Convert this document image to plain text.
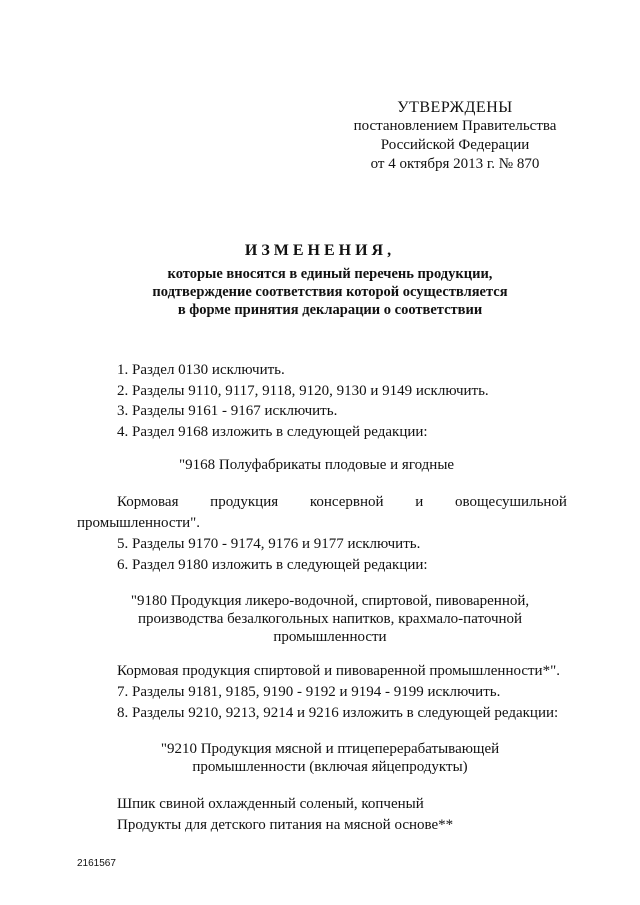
УТВЕРЖДЕНЫ
постановлением Правительства
Российской Федерации
от 4 октября 2013 г. № 870
ИЗМЕНЕНИЯ,
которые вносятся в единый перечень продукции,
подтверждение соответствия которой осуществляется
в форме принятия декларации о соответствии
1. Раздел 0130 исключить.
2. Разделы 9110, 9117, 9118, 9120, 9130 и 9149 исключить.
3. Разделы 9161 - 9167 исключить.
4. Раздел 9168 изложить в следующей редакции:
"9168 Полуфабрикаты плодовые и ягодные
Кормовая продукция консервной и овощесушильной
промышленности".
5. Разделы 9170 - 9174, 9176 и 9177 исключить.
6. Раздел 9180 изложить в следующей редакции:
"9180 Продукция ликеро-водочной, спиртовой, пивоваренной,
производства безалкогольных напитков, крахмало-паточной
промышленности
Кормовая продукция спиртовой и пивоваренной промышленности*".
7. Разделы 9181, 9185, 9190 - 9192 и 9194 - 9199 исключить.
8. Разделы 9210, 9213, 9214 и 9216 изложить в следующей редакции:
"9210 Продукция мясной и птицеперерабатывающей
промышленности (включая яйцепродукты)
Шпик свиной охлажденный соленый, копченый
Продукты для детского питания на мясной основе**
2161567
